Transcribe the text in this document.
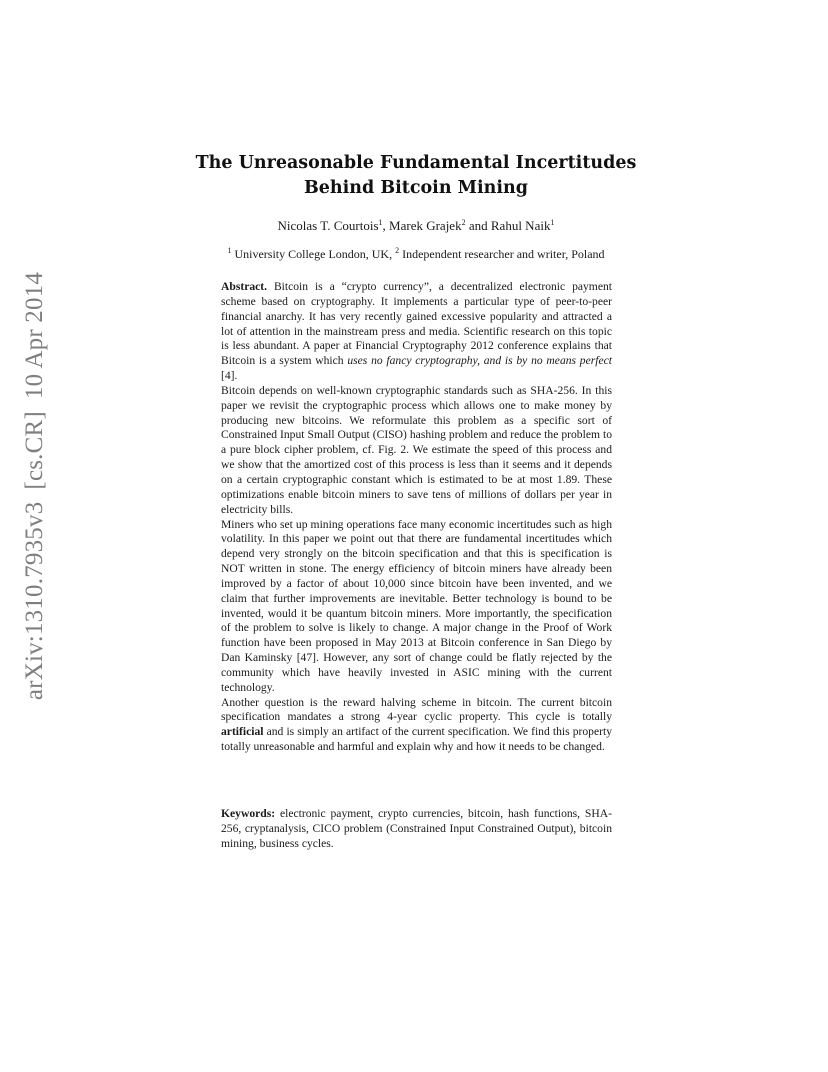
arXiv:1310.7935v3[cs.CR]10 Apr 2014
The Unreasonable Fundamental Incertitudes
Behind Bitcoin Mining
Nicolas T. Courtois$^1$, Marek Grajek$^2$ and Rahul Naik$^1$
$^1$ University College London, UK, $^2$ Independent researcher and writer, Poland

Abstract. Bitcoin is a “crypto currency”, a decentralized electronic payment scheme based on cryptography. It implements a particular type of peer-to-peer financial anarchy. It has very recently gained excessive popularity and attracted a lot of attention in the mainstream press and media. Scientific research on this topic is less abundant. A paper at Financial Cryptography 2012 conference explains that Bitcoin is a system which uses no fancy cryptography, and is by no means perfect [4].

Bitcoin depends on well-known cryptographic standards such as SHA-256. In this paper we revisit the cryptographic process which allows one to make money by producing new bitcoins. We reformulate this problem as a specific sort of Constrained Input Small Output (CISO) hashing problem and reduce the problem to a pure block cipher problem, cf. Fig. 2. We estimate the speed of this process and we show that the amortized cost of this process is less than it seems and it depends on a certain cryptographic constant which is estimated to be at most 1.89. These optimizations enable bitcoin miners to save tens of millions of dollars per year in electricity bills.

Miners who set up mining operations face many economic incertitudes such as high volatility. In this paper we point out that there are fundamental incertitudes which depend very strongly on the bitcoin specification and that this is specification is NOT written in stone. The energy efficiency of bitcoin miners have already been improved by a factor of about 10,000 since bitcoin have been invented, and we claim that further improvements are inevitable. Better technology is bound to be invented, would it be quantum bitcoin miners. More importantly, the specification of the problem to solve is likely to change. A major change in the Proof of Work function have been proposed in May 2013 at Bitcoin conference in San Diego by Dan Kaminsky [47]. However, any sort of change could be flatly rejected by the community which have heavily invested in ASIC mining with the current technology.

Another question is the reward halving scheme in bitcoin. The current bitcoin specification mandates a strong 4-year cyclic property. This cycle is totally artificial and is simply an artifact of the current specification. We find this property totally unreasonable and harmful and explain why and how it needs to be changed.

Keywords: electronic payment, crypto currencies, bitcoin, hash functions, SHA-256, cryptanalysis, CICO problem (Constrained Input Constrained Output), bitcoin mining, business cycles.
